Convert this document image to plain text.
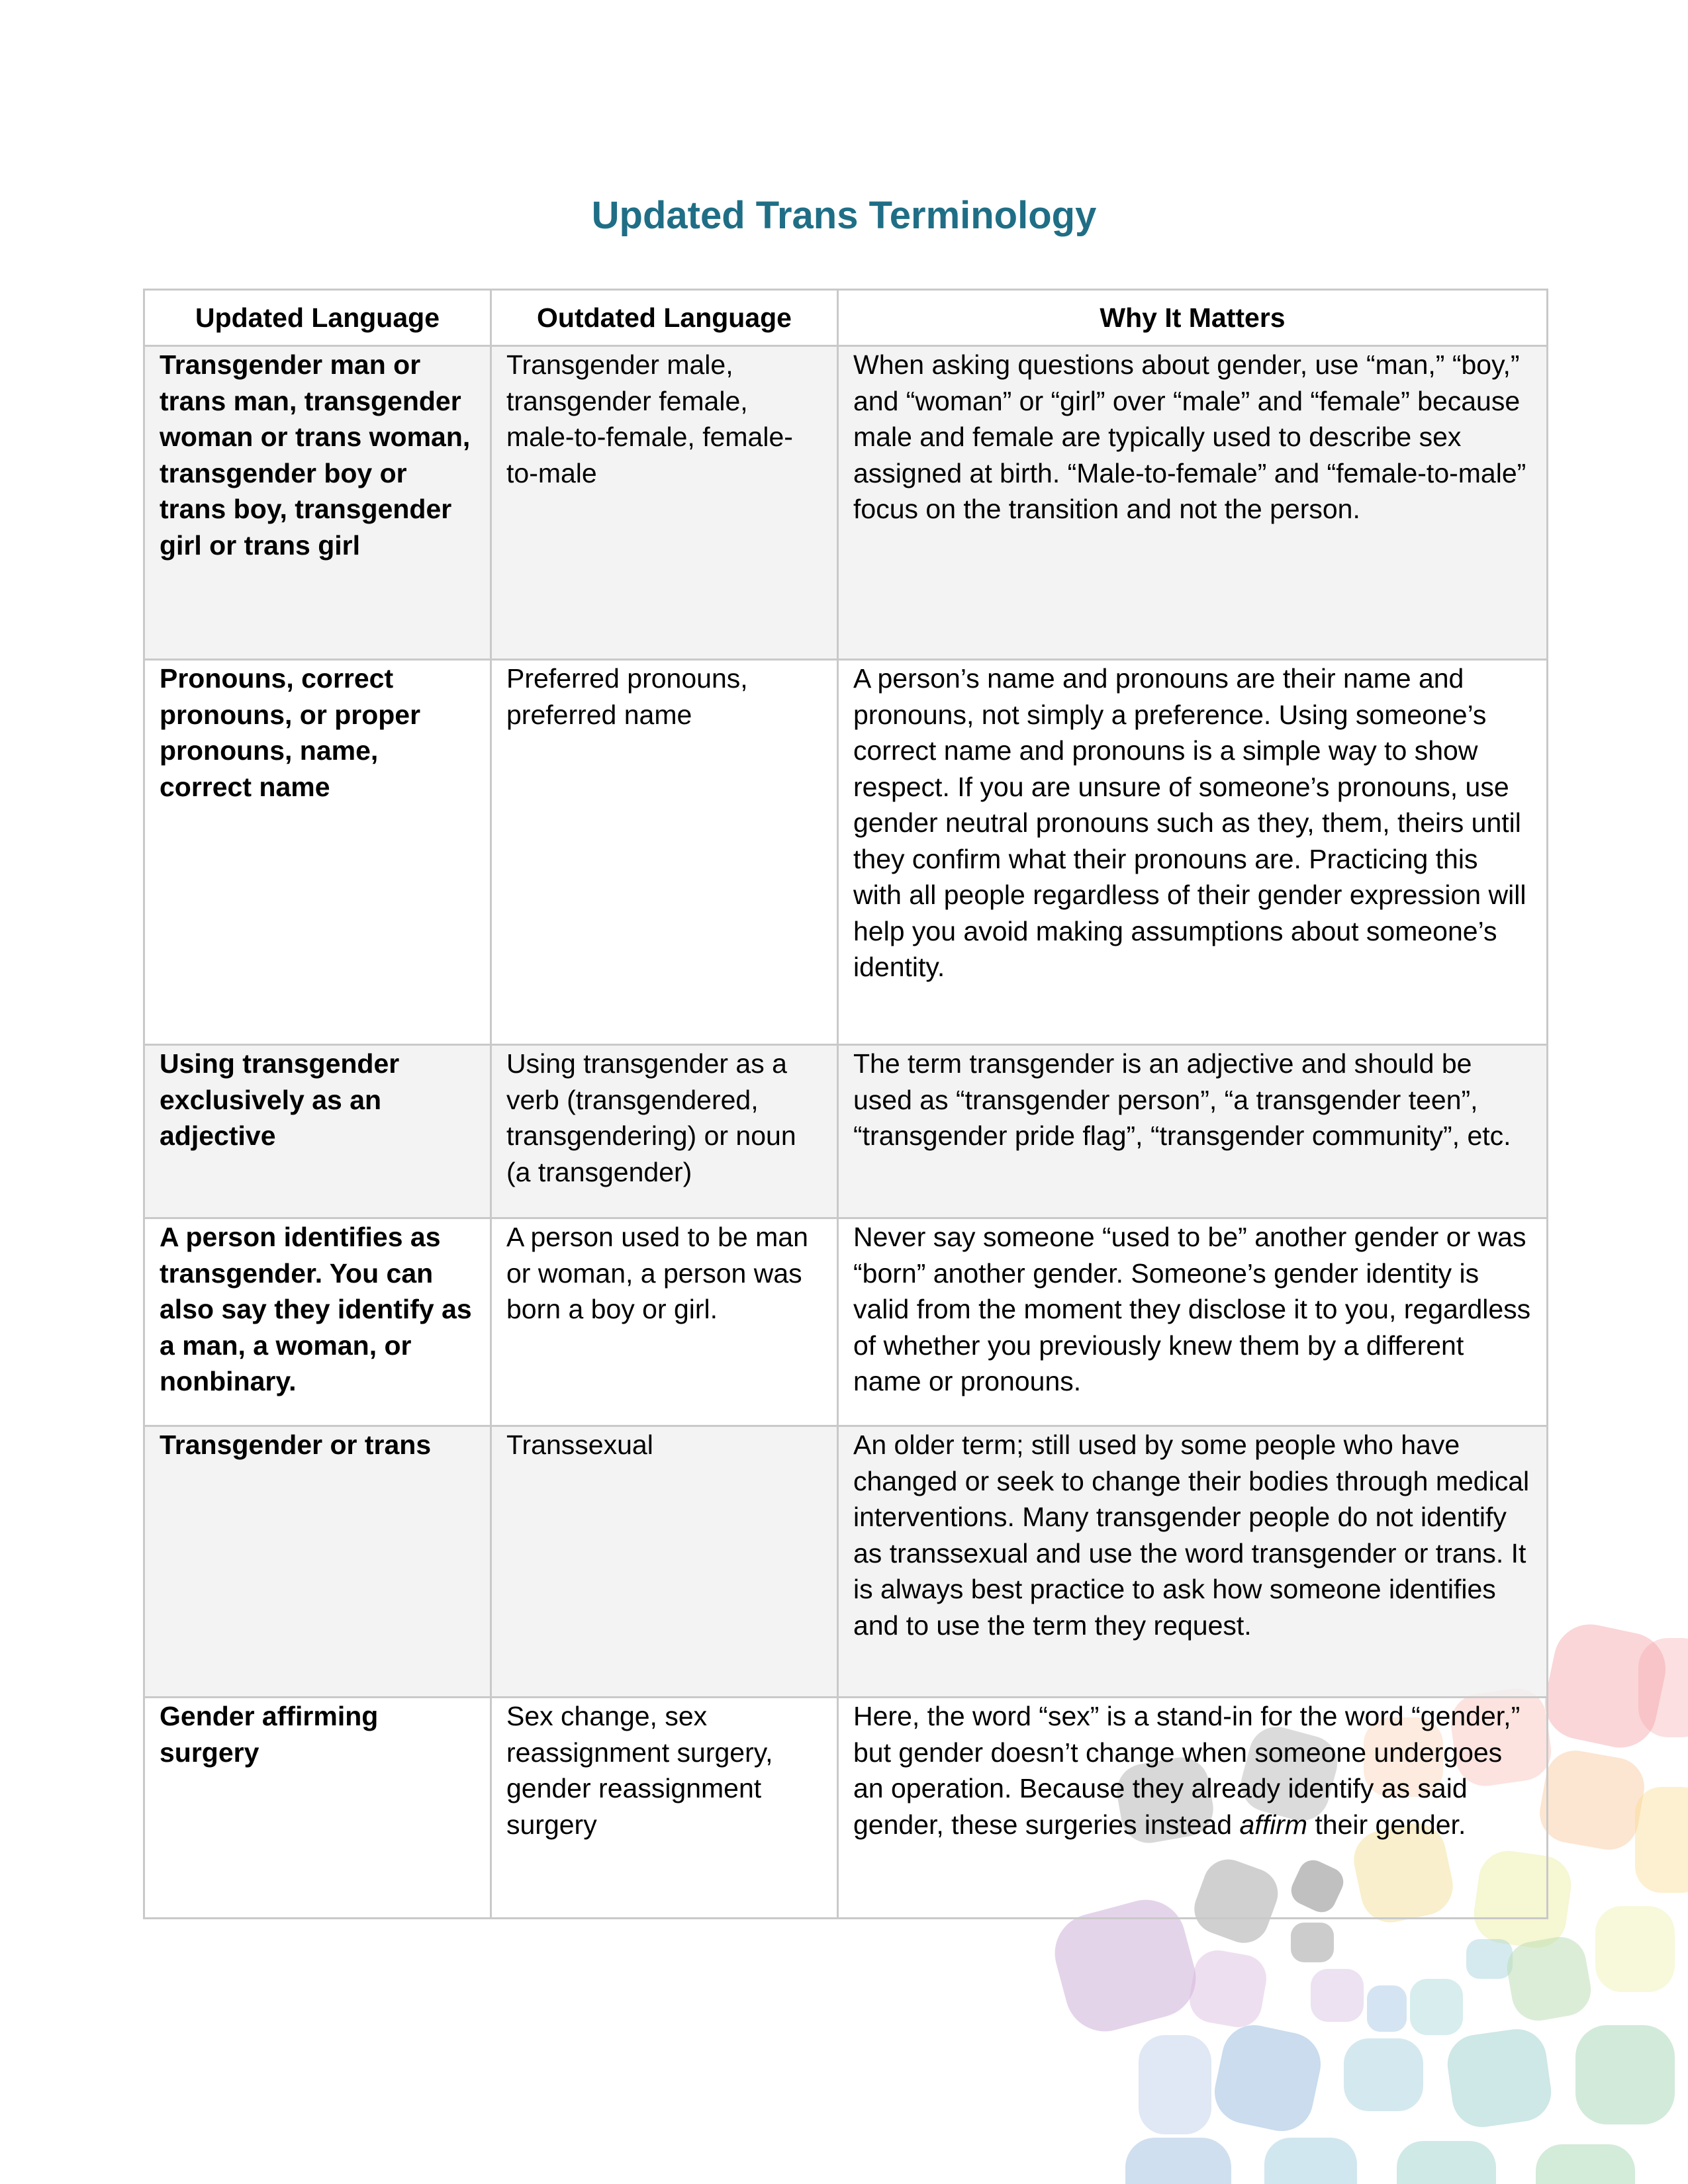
Updated Trans Terminology
Updated Language	Outdated Language	Why It Matters
Transgender man or trans man, transgender woman or trans woman, transgender boy or trans boy, transgender girl or trans girl	Transgender male, transgender female, male-to-female, female-to-male	When asking questions about gender, use “man,” “boy,” and “woman” or “girl” over “male” and “female” because male and female are typically used to describe sex assigned at birth. “Male-to-female” and “female-to-male” focus on the transition and not the person.
Pronouns, correct pronouns, or proper pronouns, name, correct name	Preferred pronouns, preferred name	A person’s name and pronouns are their name and pronouns, not simply a preference. Using someone’s correct name and pronouns is a simple way to show respect. If you are unsure of someone’s pronouns, use gender neutral pronouns such as they, them, theirs until they confirm what their pronouns are. Practicing this with all people regardless of their gender expression will help you avoid making assumptions about someone’s identity.
Using transgender exclusively as an adjective	Using transgender as a verb (transgendered, transgendering) or noun (a transgender)	The term transgender is an adjective and should be used as “transgender person”, “a transgender teen”, “transgender pride flag”, “transgender community”, etc.
A person identifies as transgender. You can also say they identify as a man, a woman, or nonbinary.	A person used to be man or woman, a person was born a boy or girl.	Never say someone “used to be” another gender or was “born” another gender. Someone’s gender identity is valid from the moment they disclose it to you, regardless of whether you previously knew them by a different name or pronouns.
Transgender or trans	Transsexual	An older term; still used by some people who have changed or seek to change their bodies through medical interventions. Many transgender people do not identify as transsexual and use the word transgender or trans. It is always best practice to ask how someone identifies and to use the term they request.
Gender affirming surgery	Sex change, sex reassignment surgery, gender reassignment surgery	Here, the word “sex” is a stand-in for the word “gender,” but gender doesn’t change when someone undergoes an operation. Because they already identify as said gender, these surgeries instead affirm their gender.
